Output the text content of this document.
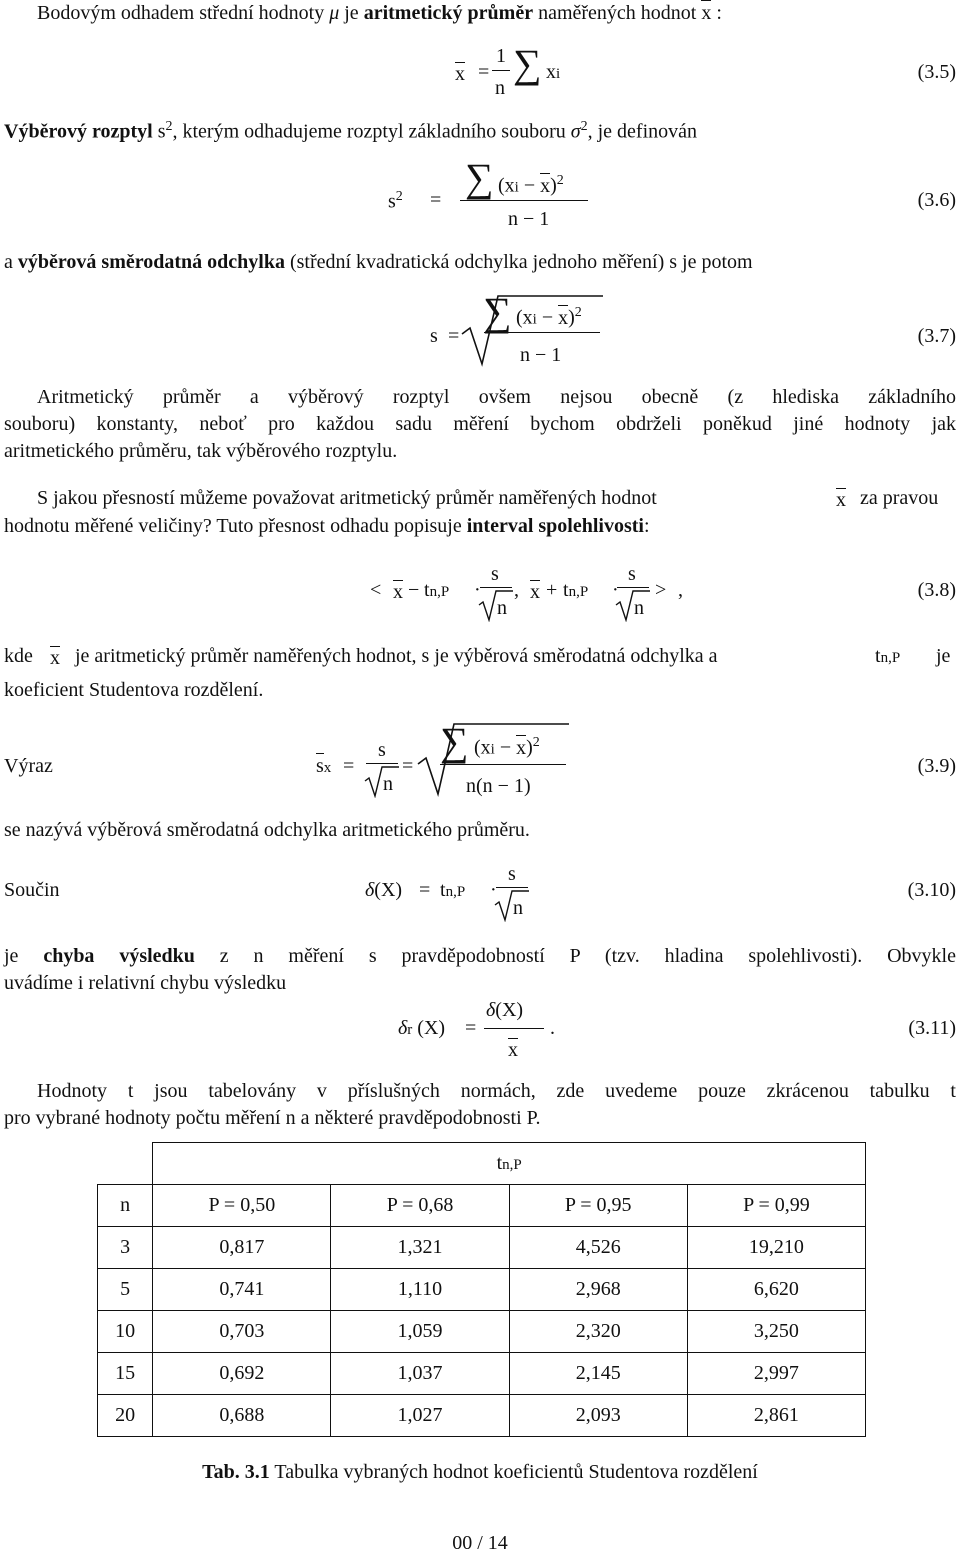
Bodovým odhadem střední hodnoty μ je aritmetický průměr naměřených hodnot x :
x =
1
n
∑ xi	(3.5)
Výběrový rozptyl $s^2$, kterým odhadujeme rozptyl základního souboru $\sigma^2$, je definován
$s^2$ = ∑ (xi − x)$^2$
n − 1
(3.6)
a výběrová směrodatná odchylka (střední kvadratická odchylka jednoho měření) s je potom
s =
∑ (xi − x)$^2$
n − 1
(3.7)
Aritmetický průměr a výběrový rozptyl ovšem nejsou obecně (z hlediska základního
souboru) konstanty, neboť pro každou sadu měření bychom obdrželi poněkud jiné hodnoty jak
aritmetického průměru, tak výběrového rozptylu.
S jakou přesností můžeme považovat aritmetický průměr naměřených hodnot	x za pravou
hodnotu měřené veličiny? Tuto přesnost odhadu popisuje interval spolehlivosti:
< x − tn,P ·
s
n
, x + tn,P ·
s
n
> ,	(3.8)
kde x je aritmetický průměr naměřených hodnot, s je výběrová směrodatná odchylka a	tn,P je
koeficient Studentova rozdělení.
Výraz	sx =
s
n
=
∑ (xi − x)$^2$
n(n − 1)
(3.9)
se nazývá výběrová směrodatná odchylka aritmetického průměru.
Součin	δ(X) = tn,P ·
s
n
(3.10)
je chyba výsledku z n měření s pravděpodobností P (tzv. hladina spolehlivosti). Obvykle
uvádíme i relativní chybu výsledku
δr (X) =
δ(X)
x
.	(3.11)
Hodnoty t jsou tabelovány v příslušných normách, zde uvedeme pouze zkrácenou tabulku t
pro vybrané hodnoty počtu měření n a některé pravděpodobnosti P.
	tn,P			
n	P = 0,50	P = 0,68	P = 0,95	P = 0,99
3	0,817	1,321	4,526	19,210
5	0,741	1,110	2,968	6,620
10	0,703	1,059	2,320	3,250
15	0,692	1,037	2,145	2,997
20	0,688	1,027	2,093	2,861
Tab. 3.1 Tabulka vybraných hodnot koeficientů Studentova rozdělení
00 / 14
